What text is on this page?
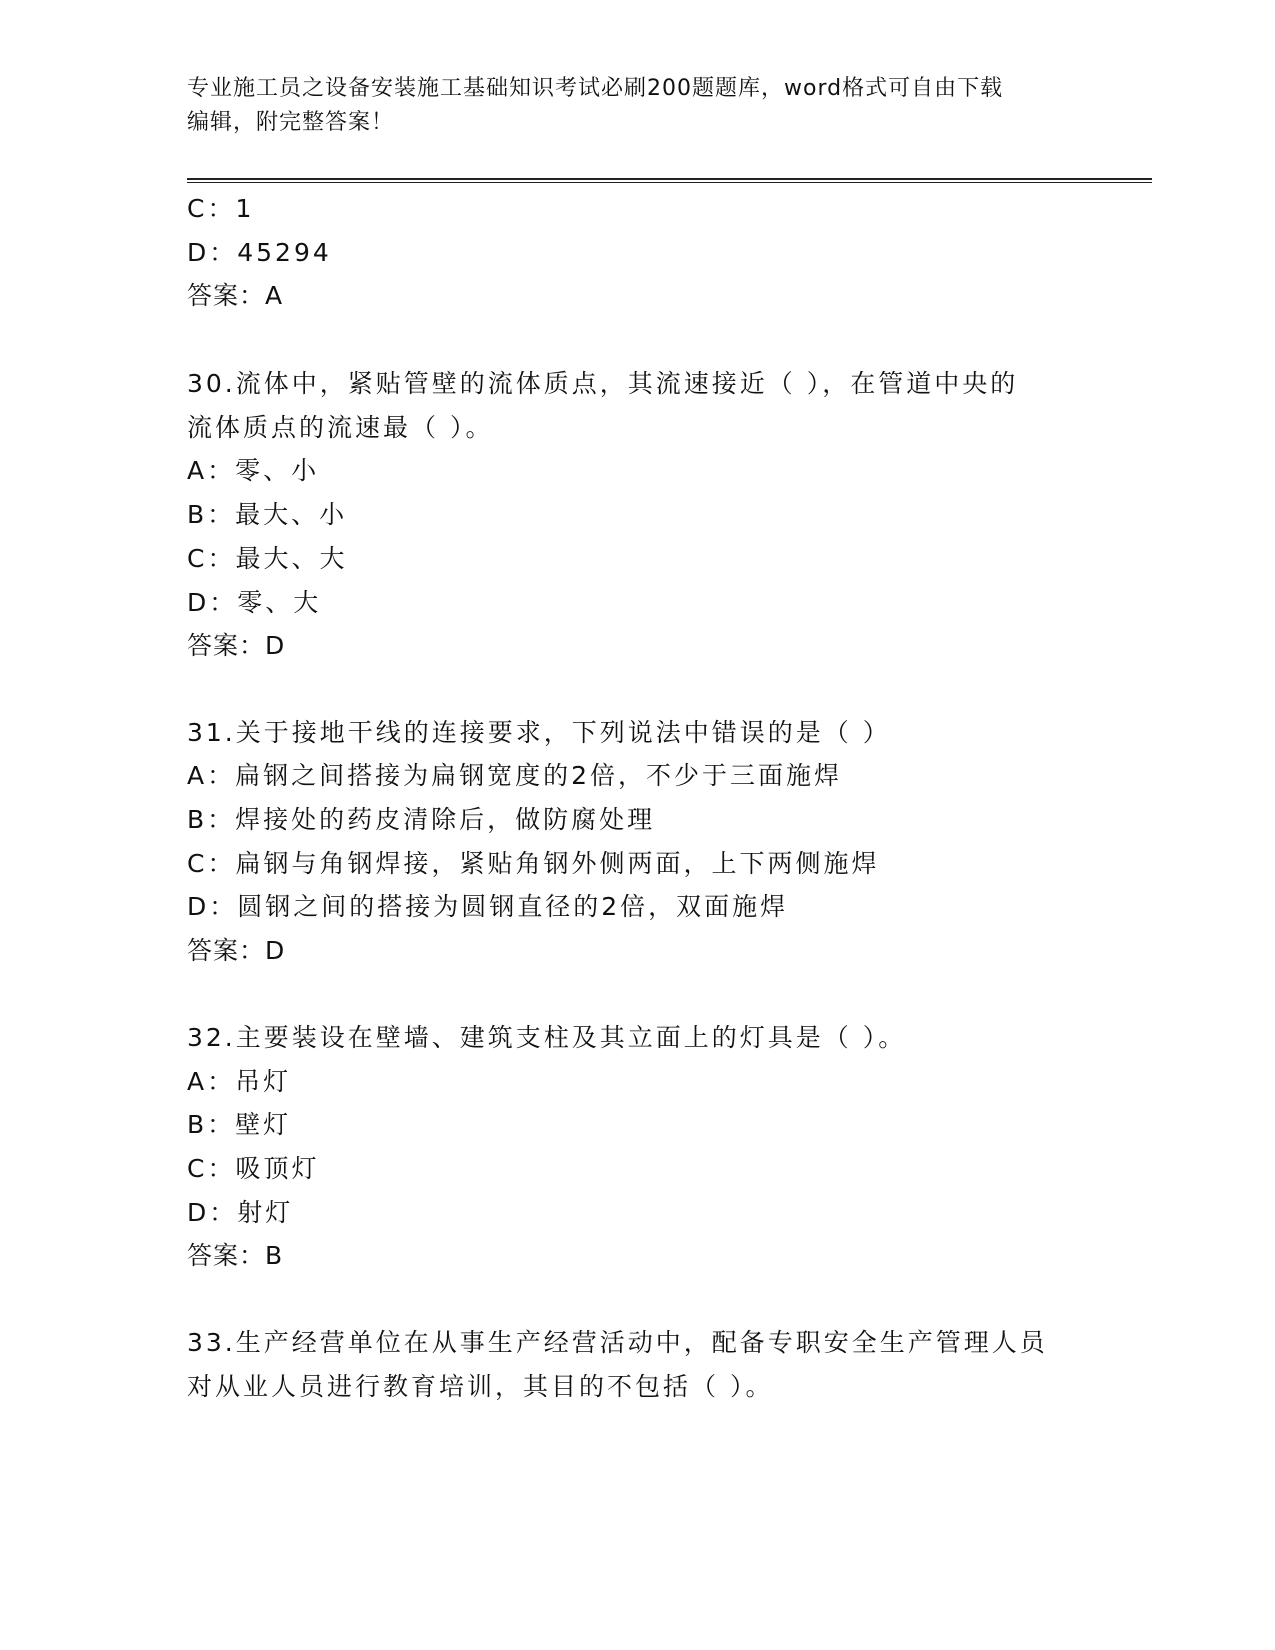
专业施工员之设备安装施工基础知识考试必刷200题题库，word格式可自由下载
编辑，附完整答案！
C：1
D：45294
答案：A
30.流体中，紧贴管壁的流体质点，其流速接近（ ），在管道中央的
流体质点的流速最（ ）。
A：零、小
B：最大、小
C：最大、大
D：零、大
答案：D
31.关于接地干线的连接要求，下列说法中错误的是（ ）
A：扁钢之间搭接为扁钢宽度的2倍，不少于三面施焊
B：焊接处的药皮清除后，做防腐处理
C：扁钢与角钢焊接，紧贴角钢外侧两面，上下两侧施焊
D：圆钢之间的搭接为圆钢直径的2倍，双面施焊
答案：D
32.主要装设在壁墙、建筑支柱及其立面上的灯具是（ ）。
A：吊灯
B：壁灯
C：吸顶灯
D：射灯
答案：B
33.生产经营单位在从事生产经营活动中，配备专职安全生产管理人员
对从业人员进行教育培训，其目的不包括（ ）。
